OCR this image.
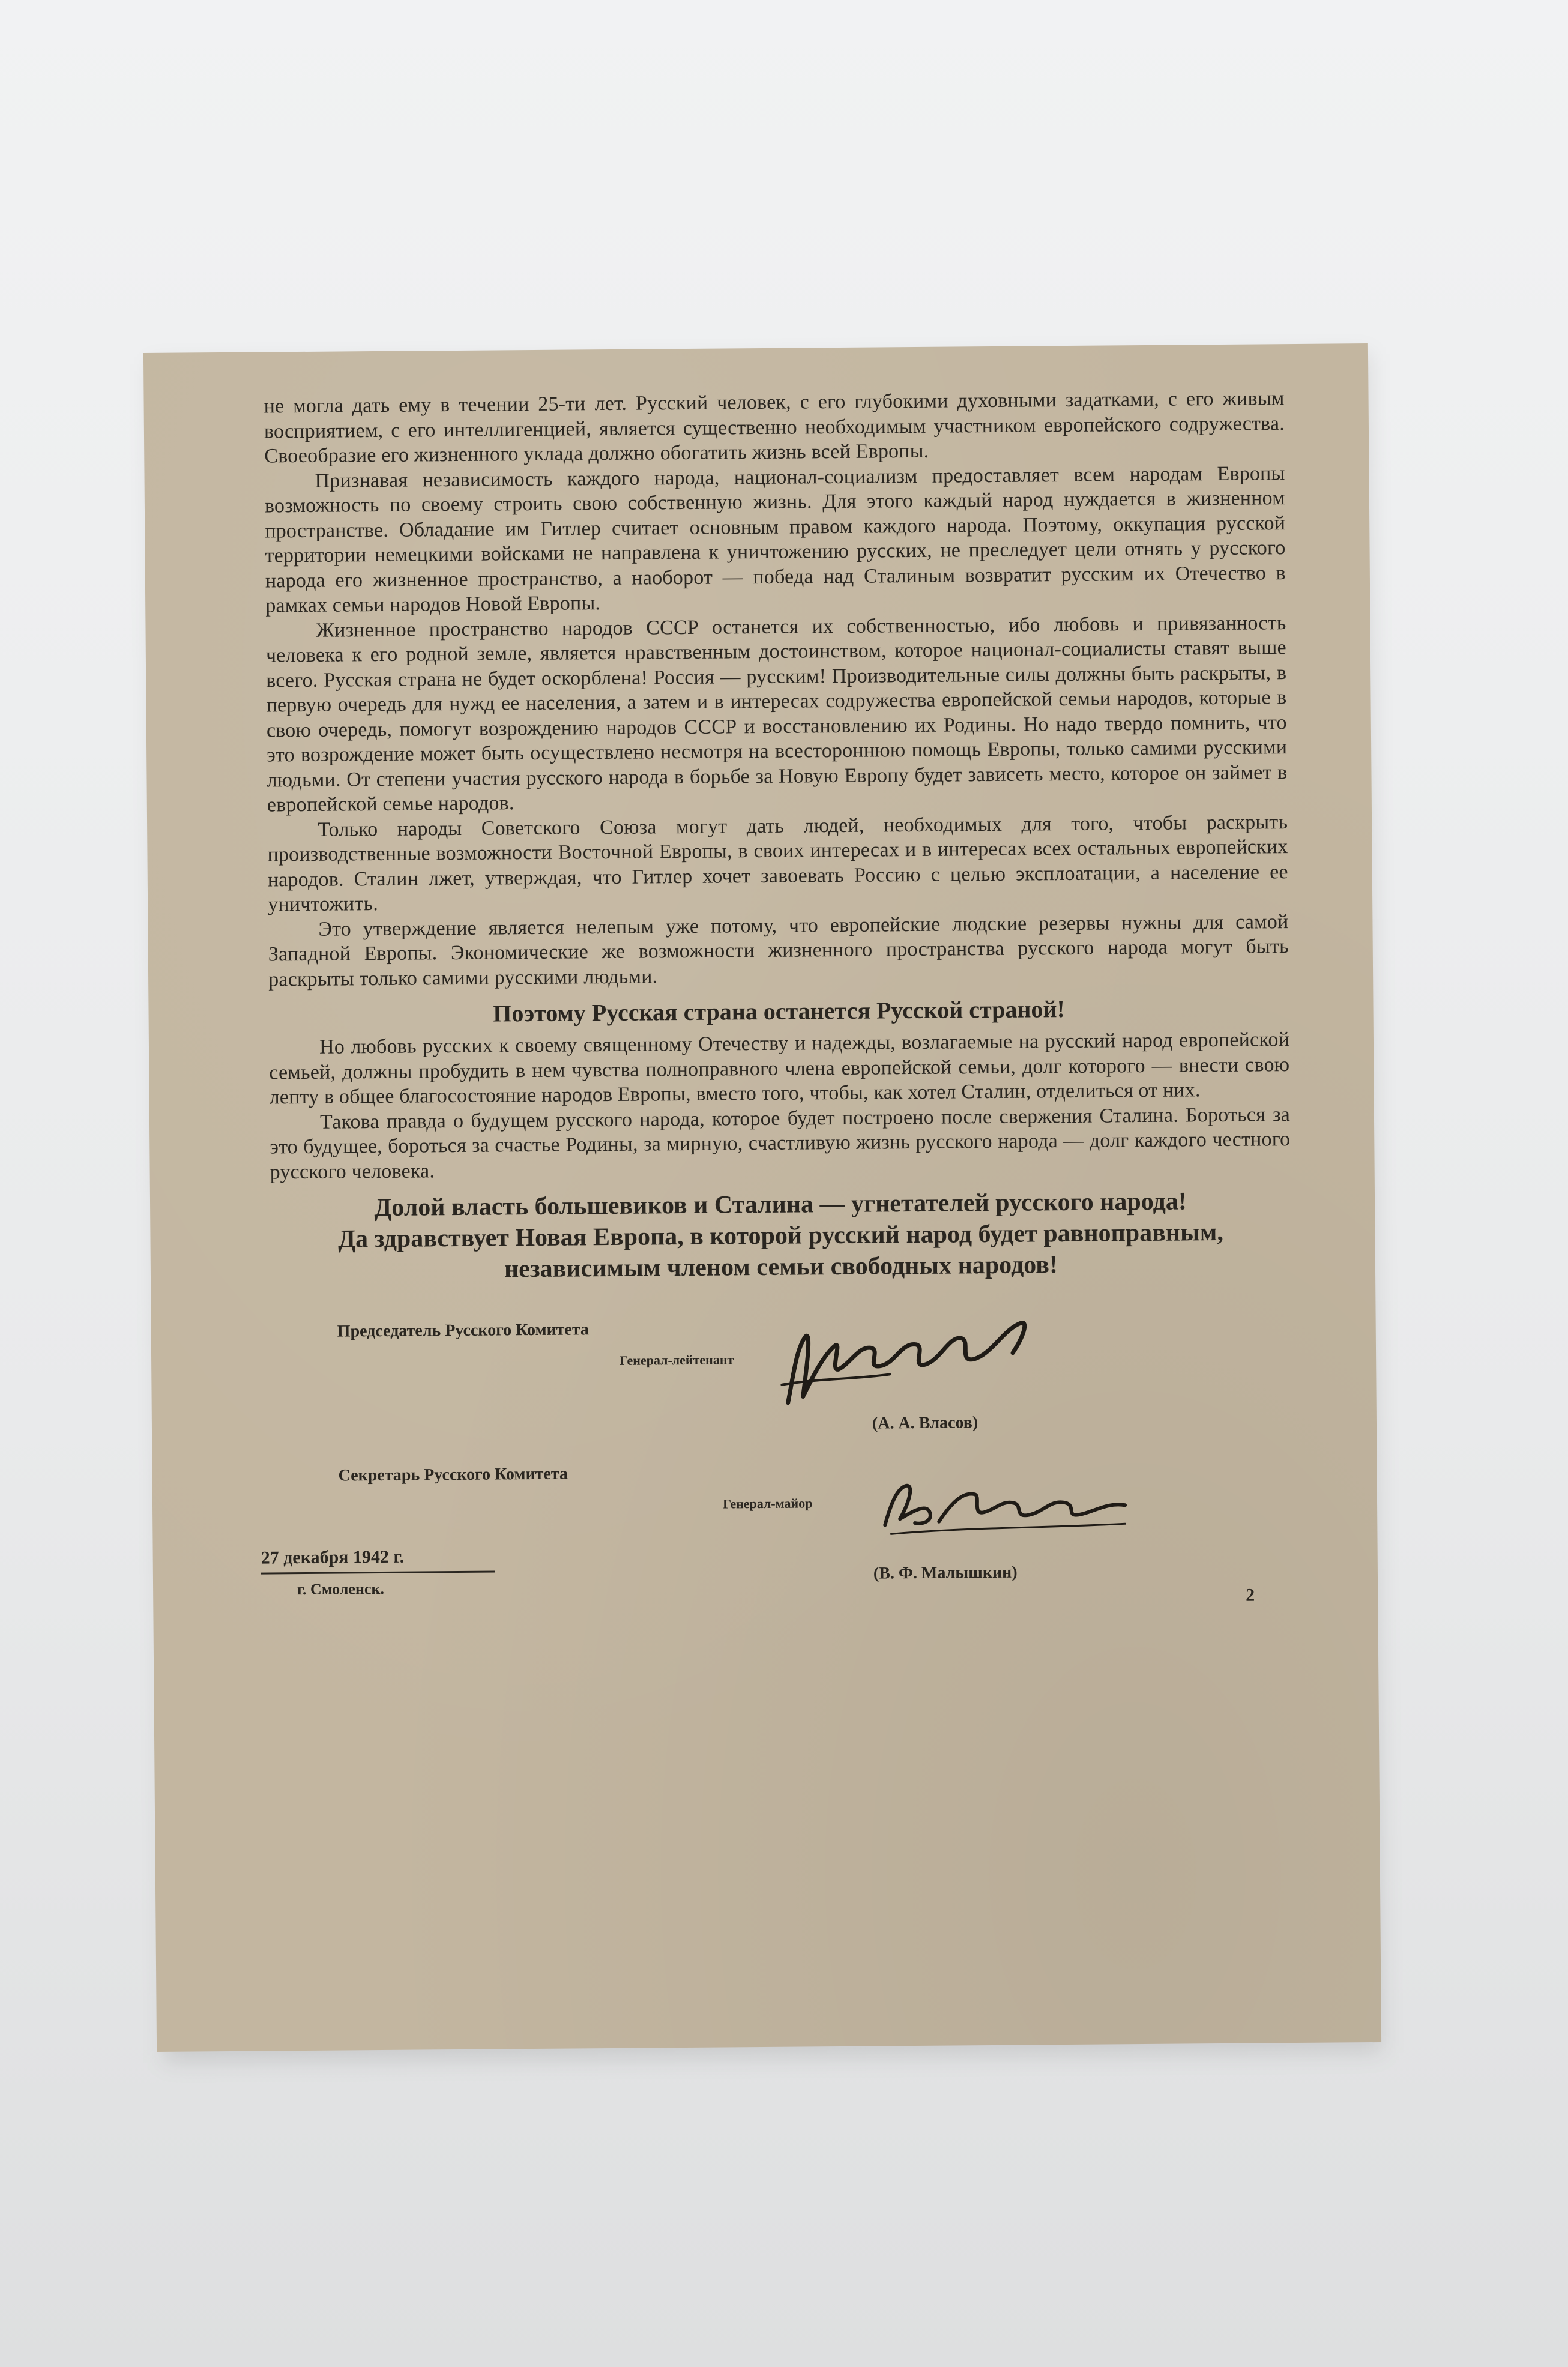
не могла дать ему в течении 25-ти лет. Русский человек, с его глубокими духовными задатками, с его живым восприятием, с его интеллигенцией, является существенно необходимым участником европейского содружества. Своеобразие его жизненного уклада должно обогатить жизнь всей Европы.

Признавая независимость каждого народа, национал-социализм предоставляет всем народам Европы возможность по своему строить свою собственную жизнь. Для этого каждый народ нуждается в жизненном пространстве. Обладание им Гитлер считает основным правом каждого народа. Поэтому, оккупация русской территории немецкими войсками не направлена к уничтожению русских, не преследует цели отнять у русского народа его жизненное пространство, а наоборот — победа над Сталиным возвратит русским их Отечество в рамках семьи народов Новой Европы.

Жизненное пространство народов СССР останется их собственностью, ибо любовь и привязанность человека к его родной земле, является нравственным достоинством, которое национал-социалисты ставят выше всего. Русская страна не будет оскорблена! Россия — русским! Производительные силы должны быть раскрыты, в первую очередь для нужд ее населения, а затем и в интересах содружества европейской семьи народов, которые в свою очередь, помогут возрождению народов СССР и восстановлению их Родины. Но надо твердо помнить, что это возрождение может быть осуществлено несмотря на всестороннюю помощь Европы, только самими русскими людьми. От степени участия русского народа в борьбе за Новую Европу будет зависеть место, которое он займет в европейской семье народов.

Только народы Советского Союза могут дать людей, необходимых для того, чтобы раскрыть производственные возможности Восточной Европы, в своих интересах и в интересах всех остальных европейских народов. Сталин лжет, утверждая, что Гитлер хочет завоевать Россию с целью эксплоатации, а население ее уничтожить.

Это утверждение является нелепым уже потому, что европейские людские резервы нужны для самой Западной Европы. Экономические же возможности жизненного пространства русского народа могут быть раскрыты только самими русскими людьми.

Поэтому Русская страна останется Русской страной!

Но любовь русских к своему священному Отечеству и надежды, возлагаемые на русский народ европейской семьей, должны пробудить в нем чувства полноправного члена европейской семьи, долг которого — внести свою лепту в общее благосостояние народов Европы, вместо того, чтобы, как хотел Сталин, отделиться от них.

Такова правда о будущем русского народа, которое будет построено после свержения Сталина. Бороться за это будущее, бороться за счастье Родины, за мирную, счастливую жизнь русского народа — долг каждого честного русского человека.

Долой власть большевиков и Сталина — угнетателей русского народа!

Да здравствует Новая Европа, в которой русский народ будет равноправным, независимым членом семьи свободных народов!

Председатель Русского Комитета
Генерал-лейтенант
(А. А. Власов)
Секретарь Русского Комитета
Генерал-майор
27 декабря 1942 г.
г. Смоленск.
(В. Ф. Малышкин)
2
